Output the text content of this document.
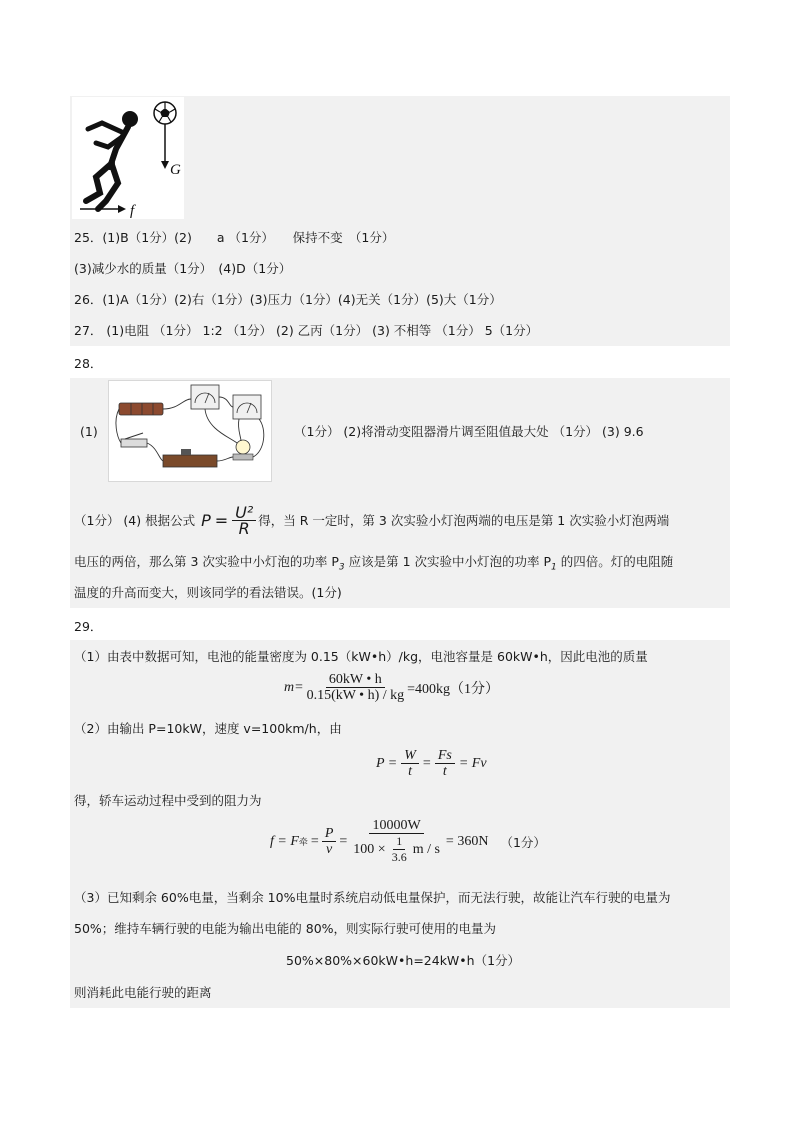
G
f
25．(1)B（1分）(2)　　a （1分）　　保持不变　（1分）
(3)减少水的质量（1分）　(4)D（1分）
26．(1)A（1分）(2)右（1分）(3)压力（1分）(4)无关（1分）(5)大（1分）
27． (1)电阻 （1分） 1:2 （1分） (2) 乙丙（1分） (3) 不相等 （1分） 5（1分）
28．
(1)	（1分） (2)将滑动变阻器滑片调至阻值最大处 （1分） (3) 9.6
（1分） (4) 根据公式 $P = \frac{\text{U²}}{R}$ 得，当 R 一定时，第 3 次实验小灯泡两端的电压是第 1 次实验小灯泡两端
电压的两倍，那么第 3 次实验中小灯泡的功率 $P_3$ 应该是第 1 次实验中小灯泡的功率 $P_1$ 的四倍。灯的电阻随
温度的升高而变大，则该同学的看法错误。(1分)
29．
（1）由表中数据可知，电池的能量密度为 0.15（kW•h）/kg，电池容量是 60kW•h，因此电池的质量
$m= \frac{60kW • h}{0.15(kW • h) / kg} =400kg(1$分）
（2）由输出 P=10kW，速度 v=100km/h，由
$P = \frac{W}{t} = \frac{Fs}{t} = Fv$
得，轿车运动过程中受到的阻力为
f = F 牵 = $\frac{P}{v} = \frac{10000W}{100 \times \frac{1}{3.6} m / s} = 360N$ （1分）
（3）已知剩余 60%电量，当剩余 10%电量时系统启动低电量保护，而无法行驶，故能让汽车行驶的电量为
50%；维持车辆行驶的电能为输出电能的 80%，则实际行驶可使用的电量为
50%×80%×60kW•h=24kW•h（1分）
则消耗此电能行驶的距离
